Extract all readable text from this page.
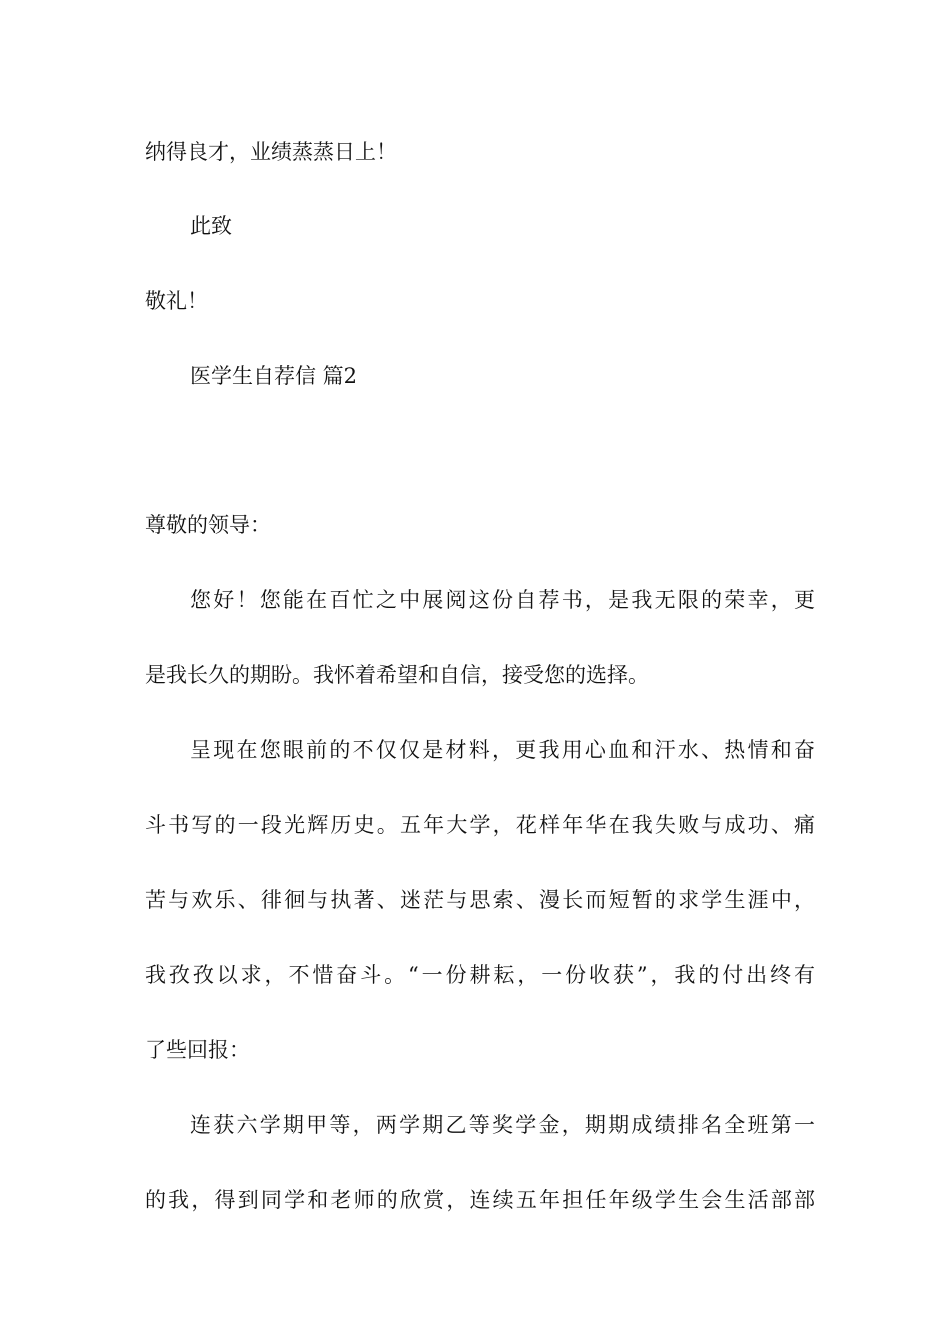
纳得良才，业绩蒸蒸日上！
此致
敬礼！
医学生自荐信 篇2
尊敬的领导：
您好！您能在百忙之中展阅这份自荐书，是我无限的荣幸，更
是我长久的期盼。我怀着希望和自信，接受您的选择。
呈现在您眼前的不仅仅是材料，更我用心血和汗水、热情和奋
斗书写的一段光辉历史。五年大学，花样年华在我失败与成功、痛
苦与欢乐、徘徊与执著、迷茫与思索、漫长而短暂的求学生涯中，
我孜孜以求，不惜奋斗。“一份耕耘，一份收获”，我的付出终有
了些回报：
连获六学期甲等，两学期乙等奖学金，期期成绩排名全班第一
的我，得到同学和老师的欣赏，连续五年担任年级学生会生活部部
